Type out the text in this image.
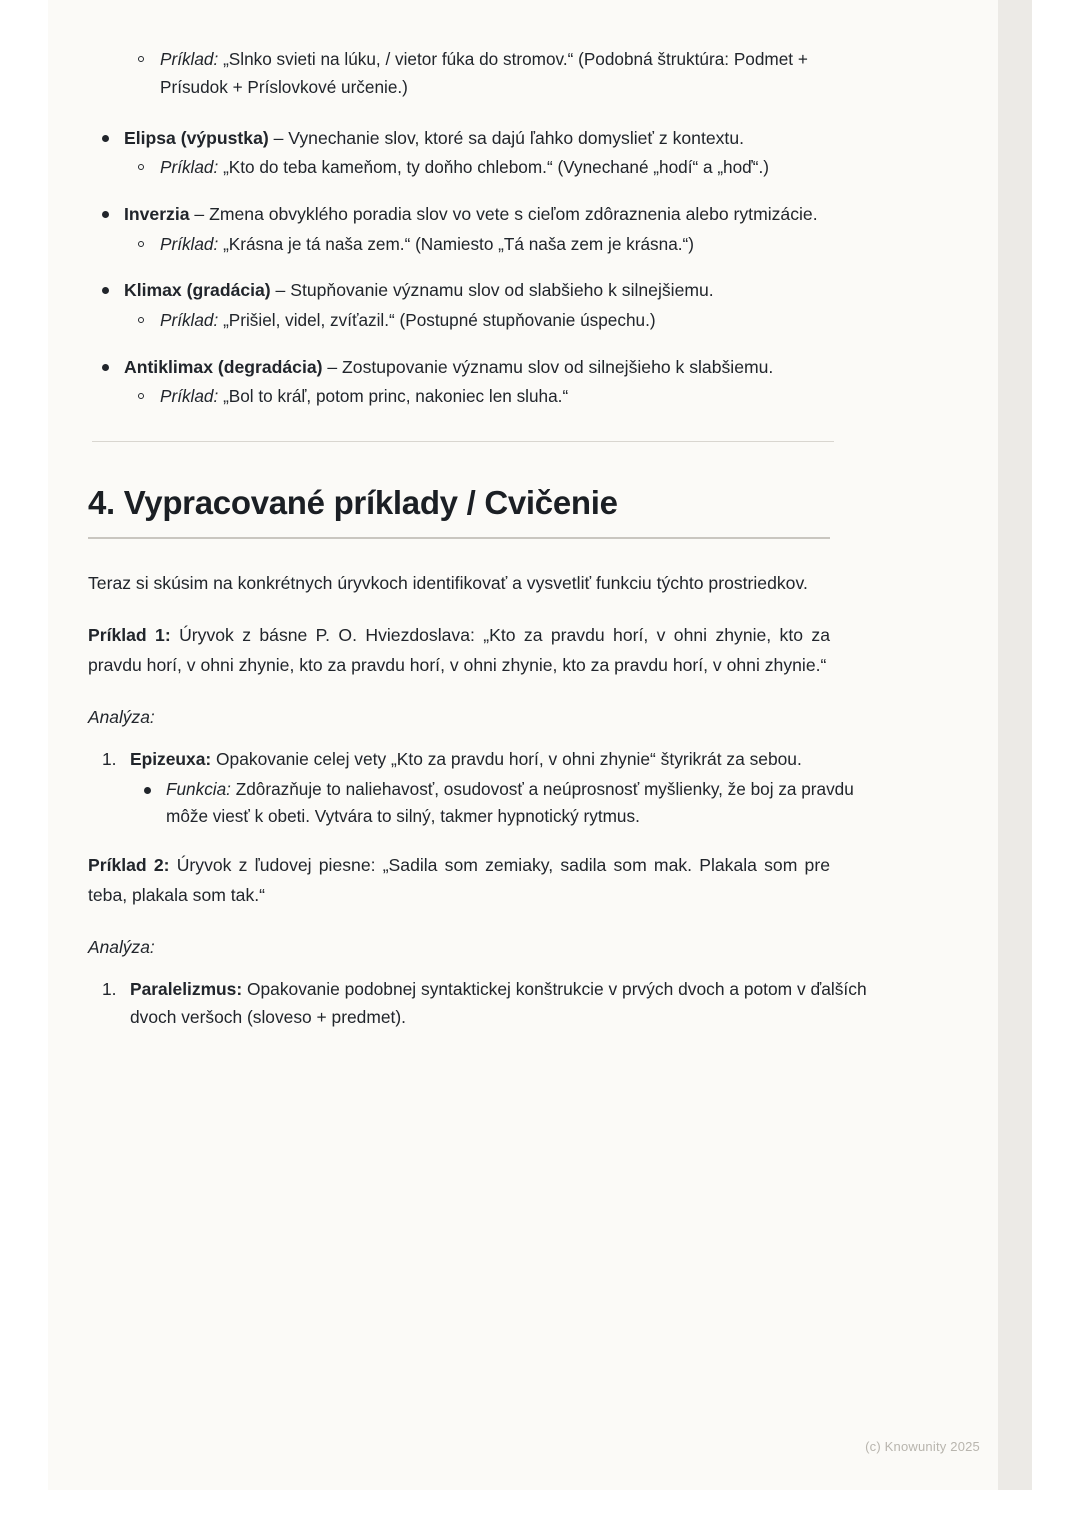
Príklad: „Slnko svieti na lúku, / vietor fúka do stromov.“ (Podobná štruktúra: Podmet + Prísudok + Príslovkové určenie.)
Elipsa (výpustka) – Vynechanie slov, ktoré sa dajú ľahko domyslieť z kontextu.
Príklad: „Kto do teba kameňom, ty doňho chlebom.“ (Vynechané „hodí“ a „hoď“.)
Inverzia – Zmena obvyklého poradia slov vo vete s cieľom zdôraznenia alebo rytmizácie.
Príklad: „Krásna je tá naša zem.“ (Namiesto „Tá naša zem je krásna.“)
Klimax (gradácia) – Stupňovanie významu slov od slabšieho k silnejšiemu.
Príklad: „Prišiel, videl, zvíťazil.“ (Postupné stupňovanie úspechu.)
Antiklimax (degradácia) – Zostupovanie významu slov od silnejšieho k slabšiemu.
Príklad: „Bol to kráľ, potom princ, nakoniec len sluha.“
4. Vypracované príklady / Cvičenie

Teraz si skúsim na konkrétnych úryvkoch identifikovať a vysvetliť funkciu týchto prostriedkov.

Príklad 1: Úryvok z básne P. O. Hviezdoslava: „Kto za pravdu horí, v ohni zhynie, kto za pravdu horí, v ohni zhynie, kto za pravdu horí, v ohni zhynie, kto za pravdu horí, v ohni zhynie.“

Analýza:

Epizeuxa: Opakovanie celej vety „Kto za pravdu horí, v ohni zhynie“ štyrikrát za sebou.
Funkcia: Zdôrazňuje to naliehavosť, osudovosť a neúprosnosť myšlienky, že boj za pravdu môže viesť k obeti. Vytvára to silný, takmer hypnotický rytmus.

Príklad 2: Úryvok z ľudovej piesne: „Sadila som zemiaky, sadila som mak. Plakala som pre teba, plakala som tak.“

Analýza:

Paralelizmus: Opakovanie podobnej syntaktickej konštrukcie v prvých dvoch a potom v ďalších dvoch veršoch (sloveso + predmet).
(c) Knowunity 2025
